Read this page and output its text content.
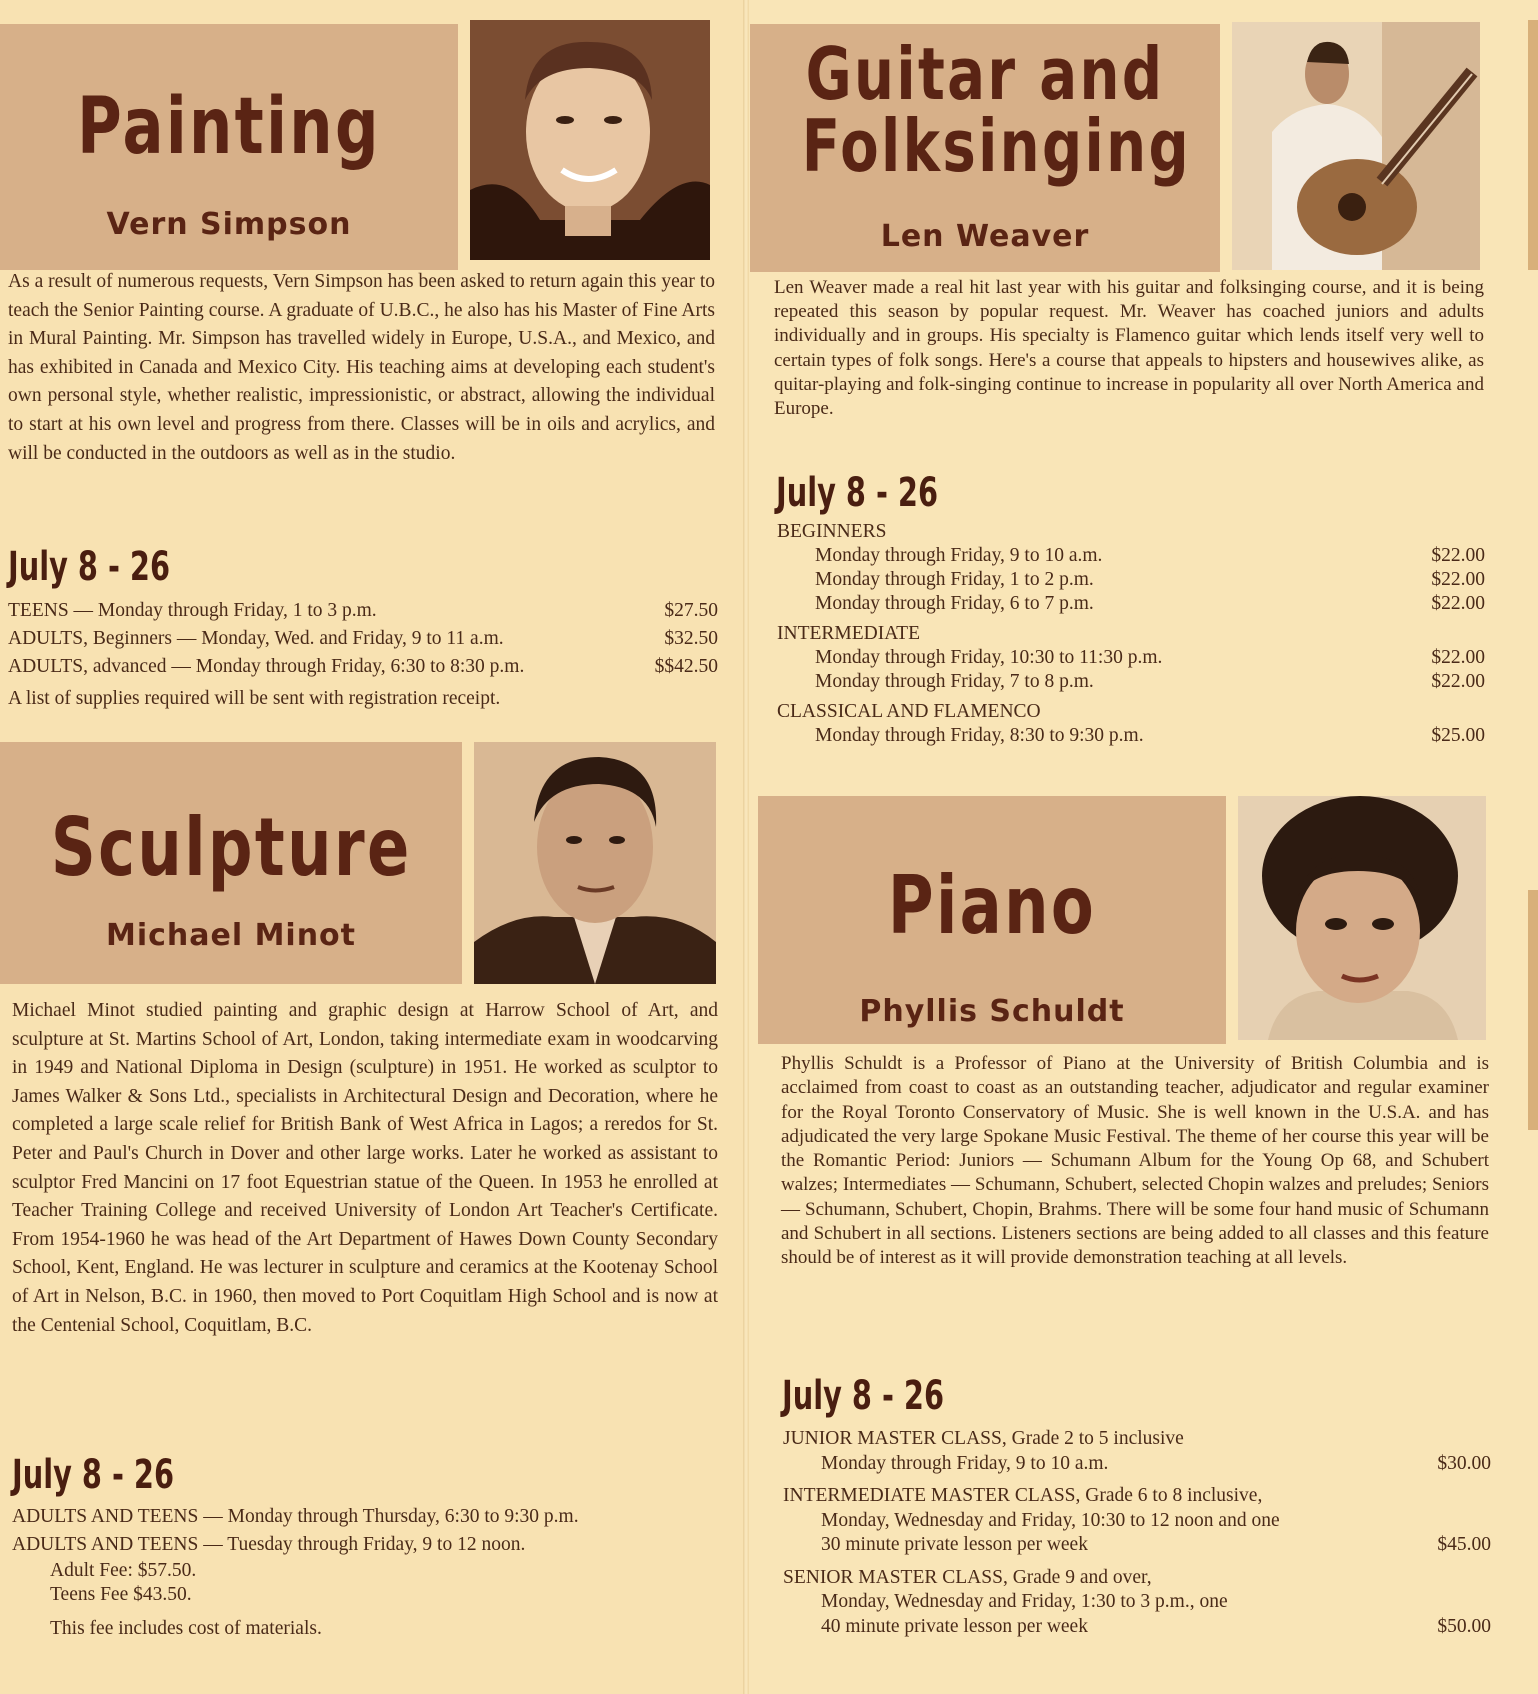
Painting
Vern Simpson

As a result of numerous requests, Vern Simpson has been asked to return again this year to teach the Senior Painting course. A graduate of U.B.C., he also has his Master of Fine Arts in Mural Painting. Mr. Simpson has travelled widely in Europe, U.S.A., and Mexico, and has exhibited in Canada and Mexico City. His teaching aims at developing each student's own personal style, whether realistic, impressionistic, or abstract, allowing the individual to start at his own level and progress from there. Classes will be in oils and acrylics, and will be conducted in the outdoors as well as in the studio.

July 8 - 26
TEENS — Monday through Friday, 1 to 3 p.m.	$27.50
ADULTS, Beginners — Monday, Wed. and Friday, 9 to 11 a.m.	$32.50
ADULTS, advanced — Monday through Friday, 6:30 to 8:30 p.m.	$$42.50
A list of supplies required will be sent with registration receipt.
Sculpture
Michael Minot

Michael Minot studied painting and graphic design at Harrow School of Art, and sculpture at St. Martins School of Art, London, taking intermediate exam in woodcarving in 1949 and National Diploma in Design (sculpture) in 1951. He worked as sculptor to James Walker & Sons Ltd., specialists in Architectural Design and Decoration, where he completed a large scale relief for British Bank of West Africa in Lagos; a reredos for St. Peter and Paul's Church in Dover and other large works. Later he worked as assistant to sculptor Fred Mancini on 17 foot Equestrian statue of the Queen. In 1953 he enrolled at Teacher Training College and received University of London Art Teacher's Certificate. From 1954-1960 he was head of the Art Department of Hawes Down County Secondary School, Kent, England. He was lecturer in sculpture and ceramics at the Kootenay School of Art in Nelson, B.C. in 1960, then moved to Port Coquitlam High School and is now at the Centenial School, Coquitlam, B.C.

July 8 - 26
ADULTS AND TEENS — Monday through Thursday, 6:30 to 9:30 p.m.
ADULTS AND TEENS — Tuesday through Friday, 9 to 12 noon.
Adult Fee: $57.50.
Teens Fee $43.50.
This fee includes cost of materials.
Guitar and
Folksinging
Len Weaver

Len Weaver made a real hit last year with his guitar and folksinging course, and it is being repeated this season by popular request. Mr. Weaver has coached juniors and adults individually and in groups. His specialty is Flamenco guitar which lends itself very well to certain types of folk songs. Here's a course that appeals to hipsters and housewives alike, as quitar-playing and folk-singing continue to increase in popularity all over North America and Europe.

July 8 - 26
BEGINNERS
Monday through Friday, 9 to 10 a.m.	$22.00
Monday through Friday, 1 to 2 p.m.	$22.00
Monday through Friday, 6 to 7 p.m.	$22.00
INTERMEDIATE
Monday through Friday, 10:30 to 11:30 p.m.	$22.00
Monday through Friday, 7 to 8 p.m.	$22.00
CLASSICAL AND FLAMENCO
Monday through Friday, 8:30 to 9:30 p.m.	$25.00
Piano
Phyllis Schuldt

Phyllis Schuldt is a Professor of Piano at the University of British Columbia and is acclaimed from coast to coast as an outstanding teacher, adjudicator and regular examiner for the Royal Toronto Conservatory of Music. She is well known in the U.S.A. and has adjudicated the very large Spokane Music Festival. The theme of her course this year will be the Romantic Period: Juniors — Schumann Album for the Young Op 68, and Schubert walzes; Intermediates — Schumann, Schubert, selected Chopin walzes and preludes; Seniors — Schumann, Schubert, Chopin, Brahms. There will be some four hand music of Schumann and Schubert in all sections. Listeners sections are being added to all classes and this feature should be of interest as it will provide demonstration teaching at all levels.

July 8 - 26
JUNIOR MASTER CLASS, Grade 2 to 5 inclusive
Monday through Friday, 9 to 10 a.m.	$30.00
INTERMEDIATE MASTER CLASS, Grade 6 to 8 inclusive,
Monday, Wednesday and Friday, 10:30 to 12 noon and one
30 minute private lesson per week	$45.00
SENIOR MASTER CLASS, Grade 9 and over,
Monday, Wednesday and Friday, 1:30 to 3 p.m., one
40 minute private lesson per week	$50.00
